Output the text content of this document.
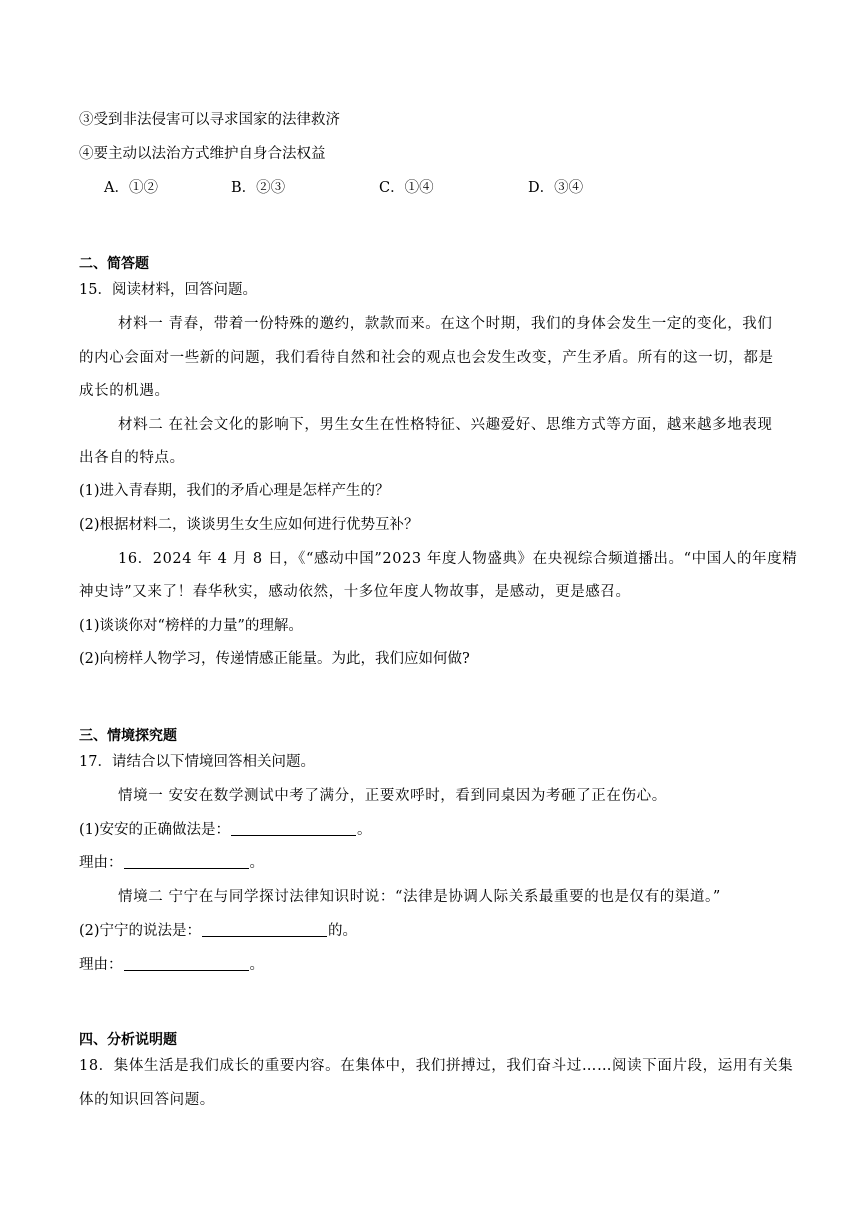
③受到非法侵害可以寻求国家的法律救济
④要主动以法治方式维护自身合法权益
A．①②	B．②③	C．①④	D．③④
二、简答题
15．阅读材料，回答问题。
材料一 青春，带着一份特殊的邀约，款款而来。在这个时期，我们的身体会发生一定的变化，我们
的内心会面对一些新的问题，我们看待自然和社会的观点也会发生改变，产生矛盾。所有的这一切，都是
成长的机遇。
材料二 在社会文化的影响下，男生女生在性格特征、兴趣爱好、思维方式等方面，越来越多地表现
出各自的特点。
(1)进入青春期，我们的矛盾心理是怎样产生的？
(2)根据材料二，谈谈男生女生应如何进行优势互补？
16．2024 年 4 月 8 日，《“感动中国”2023 年度人物盛典》在央视综合频道播出。“中国人的年度精
神史诗”又来了！春华秋实，感动依然，十多位年度人物故事，是感动，更是感召。
(1)谈谈你对“榜样的力量”的理解。
(2)向榜样人物学习，传递情感正能量。为此，我们应如何做?
三、情境探究题
17．请结合以下情境回答相关问题。
情境一 安安在数学测试中考了满分，正要欢呼时，看到同桌因为考砸了正在伤心。
(1)安安的正确做法是：	。
理由：	。
情境二 宁宁在与同学探讨法律知识时说：“法律是协调人际关系最重要的也是仅有的渠道。”
(2)宁宁的说法是：	的。
理由：	。
四、分析说明题
18．集体生活是我们成长的重要内容。在集体中，我们拼搏过，我们奋斗过……阅读下面片段，运用有关集
体的知识回答问题。
